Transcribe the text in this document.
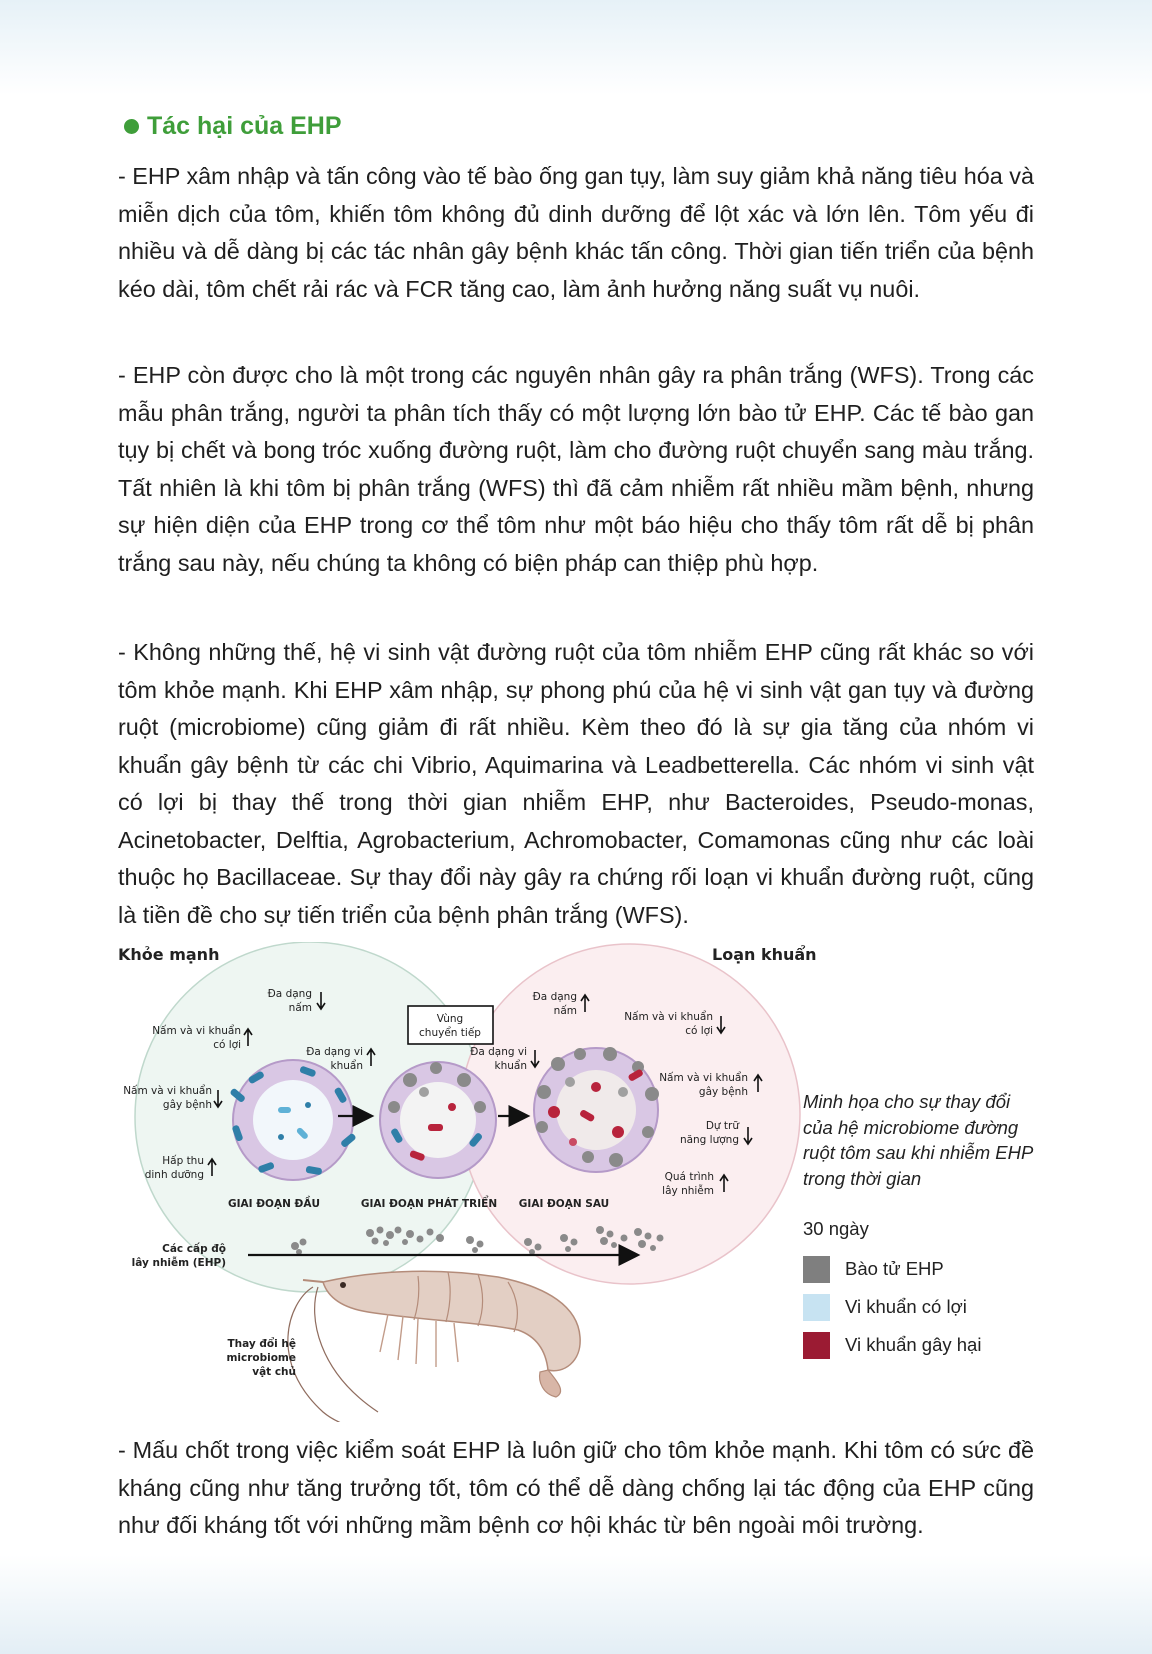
Tác hại của EHP

- EHP xâm nhập và tấn công vào tế bào ống gan tụy, làm suy giảm khả năng tiêu hóa và miễn dịch của tôm, khiến tôm không đủ dinh dưỡng để lột xác và lớn lên. Tôm yếu đi nhiều và dễ dàng bị các tác nhân gây bệnh khác tấn công. Thời gian tiến triển của bệnh kéo dài, tôm chết rải rác và FCR tăng cao, làm ảnh hưởng năng suất vụ nuôi.

- EHP còn được cho là một trong các nguyên nhân gây ra phân trắng (WFS). Trong các mẫu phân trắng, người ta phân tích thấy có một lượng lớn bào tử EHP. Các tế bào gan tụy bị chết và bong tróc xuống đường ruột, làm cho đường ruột chuyển sang màu trắng. Tất nhiên là khi tôm bị phân trắng (WFS) thì đã cảm nhiễm rất nhiều mầm bệnh, nhưng sự hiện diện của EHP trong cơ thể tôm như một báo hiệu cho thấy tôm rất dễ bị phân trắng sau này, nếu chúng ta không có biện pháp can thiệp phù hợp.

- Không những thế, hệ vi sinh vật đường ruột của tôm nhiễm EHP cũng rất khác so với tôm khỏe mạnh. Khi EHP xâm nhập, sự phong phú của hệ vi sinh vật gan tụy và đường ruột (microbiome) cũng giảm đi rất nhiều. Kèm theo đó là sự gia tăng của nhóm vi khuẩn gây bệnh từ các chi Vibrio, Aquimarina và Leadbetterella. Các nhóm vi sinh vật có lợi bị thay thế trong thời gian nhiễm EHP, như Bacteroides, Pseudo-monas, Acinetobacter, Delftia, Agrobacterium, Achromobacter, Comamonas cũng như các loài thuộc họ Bacillaceae. Sự thay đổi này gây ra chứng rối loạn vi khuẩn đường ruột, cũng là tiền đề cho sự tiến triển của bệnh phân trắng (WFS).

Khỏe mạnh	Loạn khuẩn
Vùng
chuyển tiếp
Đa dạng
nấm
Nấm và vi khuẩn
có lợi
Đa dạng vi
khuẩn
Nấm và vi khuẩn
gây bệnh
Hấp thu
dinh dưỡng
Đa dạng
nấm	Nấm và vi khuẩn
có lợi
Đa dạng vi
khuẩn
Nấm và vi khuẩn
gây bệnh
Dự trữ
năng lượng
Quá trình
lây nhiễm
GIAI ĐOẠN ĐẦU	GIAI ĐOẠN PHÁT TRIỂN GIAI ĐOẠN SAU
Các cấp độ
lây nhiễm (EHP)
Thay đổi hệ
microbiome
vật chủ

Minh họa cho sự thay đổi của hệ microbiome đường ruột tôm sau khi nhiễm EHP trong thời gian

30 ngày
Bào tử EHP
Vi khuẩn có lợi
Vi khuẩn gây hại

- Mấu chốt trong việc kiểm soát EHP là luôn giữ cho tôm khỏe mạnh. Khi tôm có sức đề kháng cũng như tăng trưởng tốt, tôm có thể dễ dàng chống lại tác động của EHP cũng như đối kháng tốt với những mầm bệnh cơ hội khác từ bên ngoài môi trường.
